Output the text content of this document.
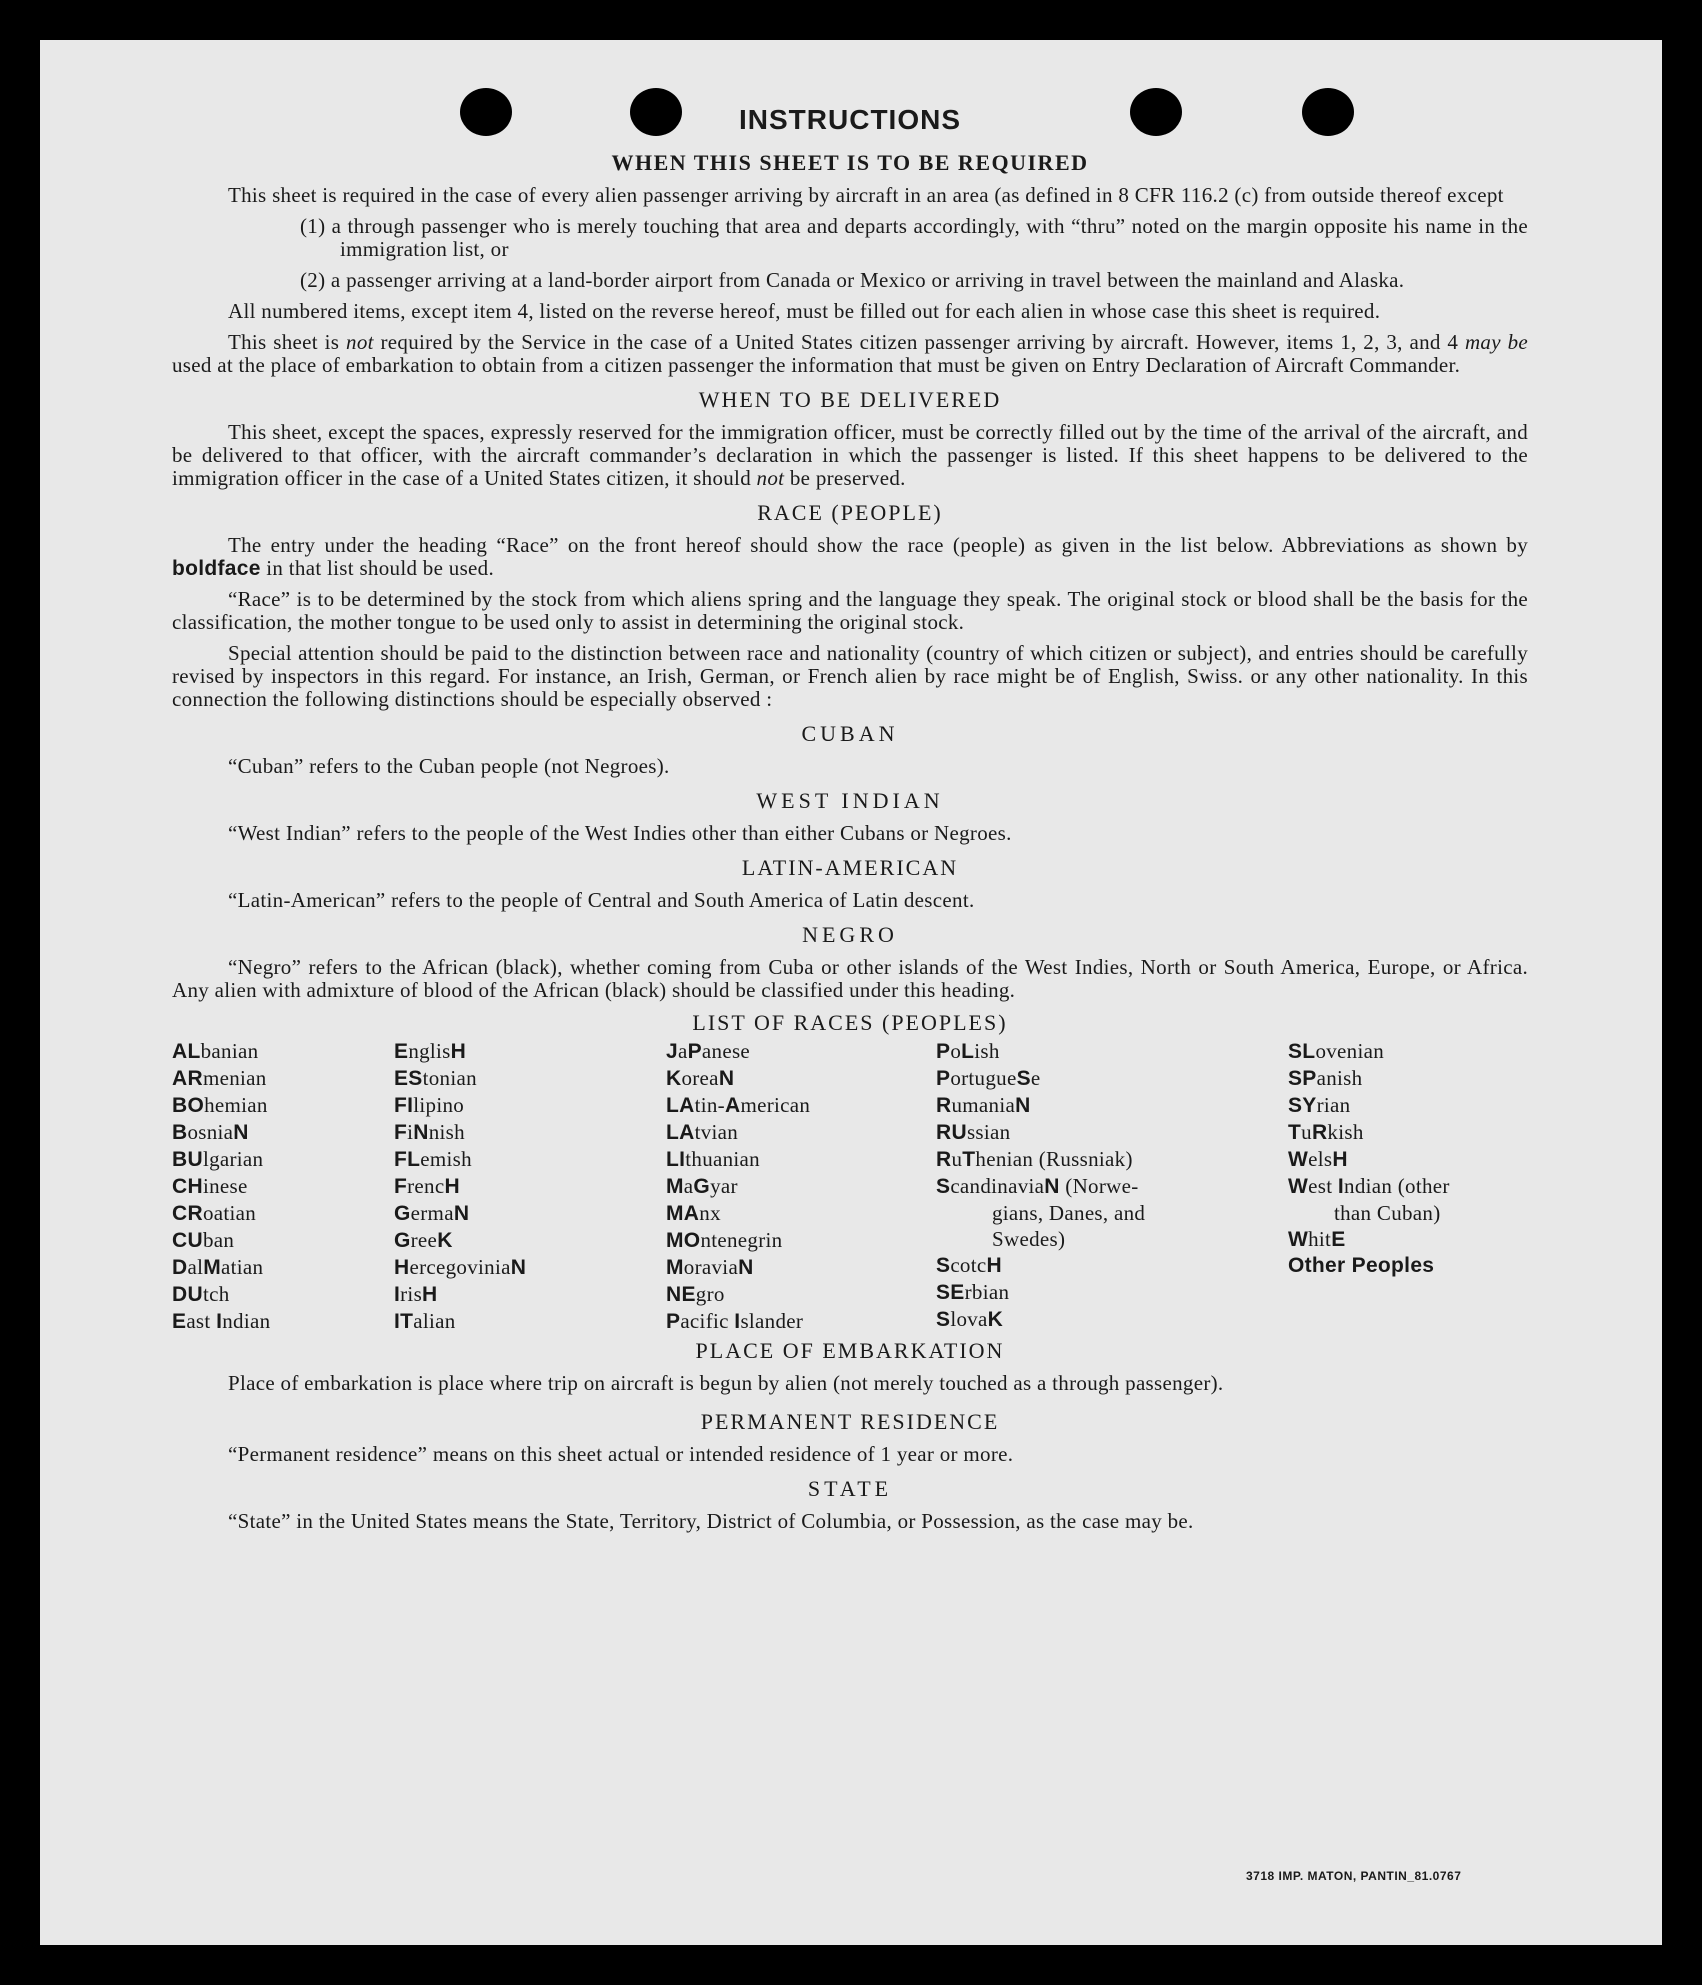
INSTRUCTIONS
WHEN THIS SHEET IS TO BE REQUIRED

This sheet is required in the case of every alien passenger arriving by aircraft in an area (as defined in 8 CFR 116.2 (c) from outside thereof except

(1) a through passenger who is merely touching that area and departs accordingly, with “thru” noted on the margin opposite his name in the immigration list, or

(2) a passenger arriving at a land-border airport from Canada or Mexico or arriving in travel between the mainland and Alaska.

All numbered items, except item 4, listed on the reverse hereof, must be filled out for each alien in whose case this sheet is required.

This sheet is not required by the Service in the case of a United States citizen passenger arriving by aircraft. However, items 1, 2, 3, and 4 may be used at the place of embarkation to obtain from a citizen passenger the information that must be given on Entry Declaration of Aircraft Commander.

WHEN TO BE DELIVERED

This sheet, except the spaces, expressly reserved for the immigration officer, must be correctly filled out by the time of the arrival of the aircraft, and be delivered to that officer, with the aircraft commander’s declaration in which the passenger is listed. If this sheet happens to be delivered to the immigration officer in the case of a United States citizen, it should not be preserved.

RACE (PEOPLE)

The entry under the heading “Race” on the front hereof should show the race (people) as given in the list below. Abbreviations as shown by boldface in that list should be used.

“Race” is to be determined by the stock from which aliens spring and the language they speak. The original stock or blood shall be the basis for the classification, the mother tongue to be used only to assist in determining the original stock.

Special attention should be paid to the distinction between race and nationality (country of which citizen or subject), and entries should be carefully revised by inspectors in this regard. For instance, an Irish, German, or French alien by race might be of English, Swiss. or any other nationality. In this connection the following distinctions should be especially observed :

CUBAN

“Cuban” refers to the Cuban people (not Negroes).

WEST INDIAN

“West Indian” refers to the people of the West Indies other than either Cubans or Negroes.

LATIN-AMERICAN

“Latin-American” refers to the people of Central and South America of Latin descent.

NEGRO

“Negro” refers to the African (black), whether coming from Cuba or other islands of the West Indies, North or South America, Europe, or Africa. Any alien with admixture of blood of the African (black) should be classified under this heading.

LIST OF RACES (PEOPLES)
ALbanian
ARmenian
BOhemian
BosniaN
BUlgarian
CHinese
CRoatian
CUban
DalMatian
DUtch
East Indian
EnglisH
EStonian
FIlipino
FiNnish
FLemish
FrencH
GermaN
GreeK
HercegoviniaN
IrisH
ITalian
JaPanese
KoreaN
LAtin-American
LAtvian
LIthuanian
MaGyar
MAnx
MOntenegrin
MoraviaN
NEgro
Pacific Islander
PoLish
PortugueSe
RumaniaN
RUssian
RuThenian (Russniak)
ScandinaviaN (Norwe-
gians, Danes, and
Swedes)
ScotcH
SErbian
SlovaK
SLovenian
SPanish
SYrian
TuRkish
WelsH
West Indian (other
than Cuban)
WhitE
Other Peoples
PLACE OF EMBARKATION

Place of embarkation is place where trip on aircraft is begun by alien (not merely touched as a through passenger).

PERMANENT RESIDENCE

“Permanent residence” means on this sheet actual or intended residence of 1 year or more.

STATE

“State” in the United States means the State, Territory, District of Columbia, or Possession, as the case may be.

3718 IMP. MATON, PANTIN_81.0767
